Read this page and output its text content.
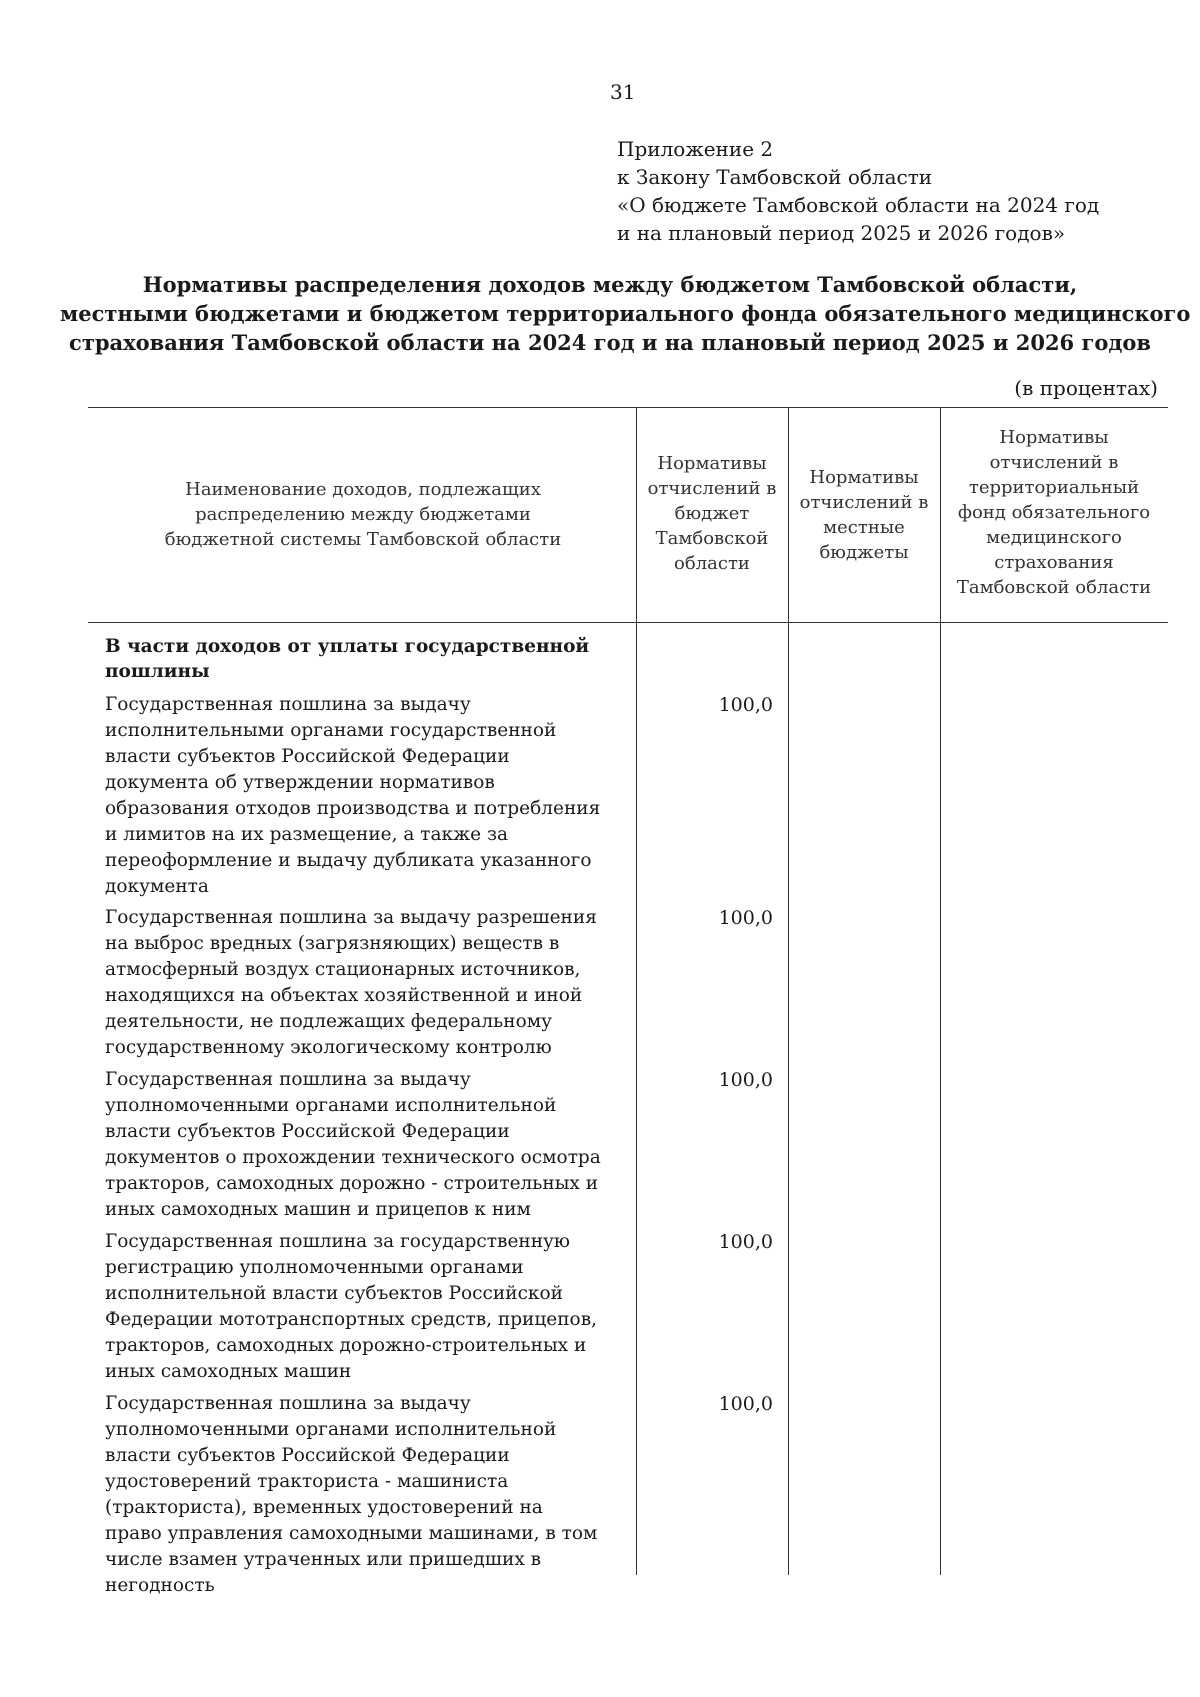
31
Приложение 2
к Закону Тамбовской области
«О бюджете Тамбовской области на 2024 год
и на плановый период 2025 и 2026 годов»
Нормативы распределения доходов между бюджетом Тамбовской области,
местными бюджетами и бюджетом территориального фонда обязательного медицинского
страхования Тамбовской области на 2024 год и на плановый период 2025 и 2026 годов
(в процентах)
Наименование доходов, подлежащих распределению между бюджетами бюджетной системы Тамбовской области
Нормативы отчислений в бюджет Тамбовской области
Нормативы отчислений в местные бюджеты
Нормативы отчислений в территориальный фонд обязательного медицинского страхования Тамбовской области
В части доходов от уплаты государственной пошлины
Государственная пошлина за выдачу исполнительными органами государственной власти субъектов Российской Федерации документа об утверждении нормативов образования отходов производства и потребления и лимитов на их размещение, а также за переоформление и выдачу дубликата указанного документа
100,0
Государственная пошлина за выдачу разрешения на выброс вредных (загрязняющих) веществ в атмосферный воздух стационарных источников, находящихся на объектах хозяйственной и иной деятельности, не подлежащих федеральному государственному экологическому контролю
100,0
Государственная пошлина за выдачу уполномоченными органами исполнительной власти субъектов Российской Федерации документов о прохождении технического осмотра тракторов, самоходных дорожно - строительных и иных самоходных машин и прицепов к ним
100,0
Государственная пошлина за государственную регистрацию уполномоченными органами исполнительной власти субъектов Российской Федерации мототранспортных средств, прицепов, тракторов, самоходных дорожно-строительных и иных самоходных машин
100,0
Государственная пошлина за выдачу уполномоченными органами исполнительной власти субъектов Российской Федерации удостоверений тракториста - машиниста (тракториста), временных удостоверений на право управления самоходными машинами, в том числе взамен утраченных или пришедших в негодность
100,0
